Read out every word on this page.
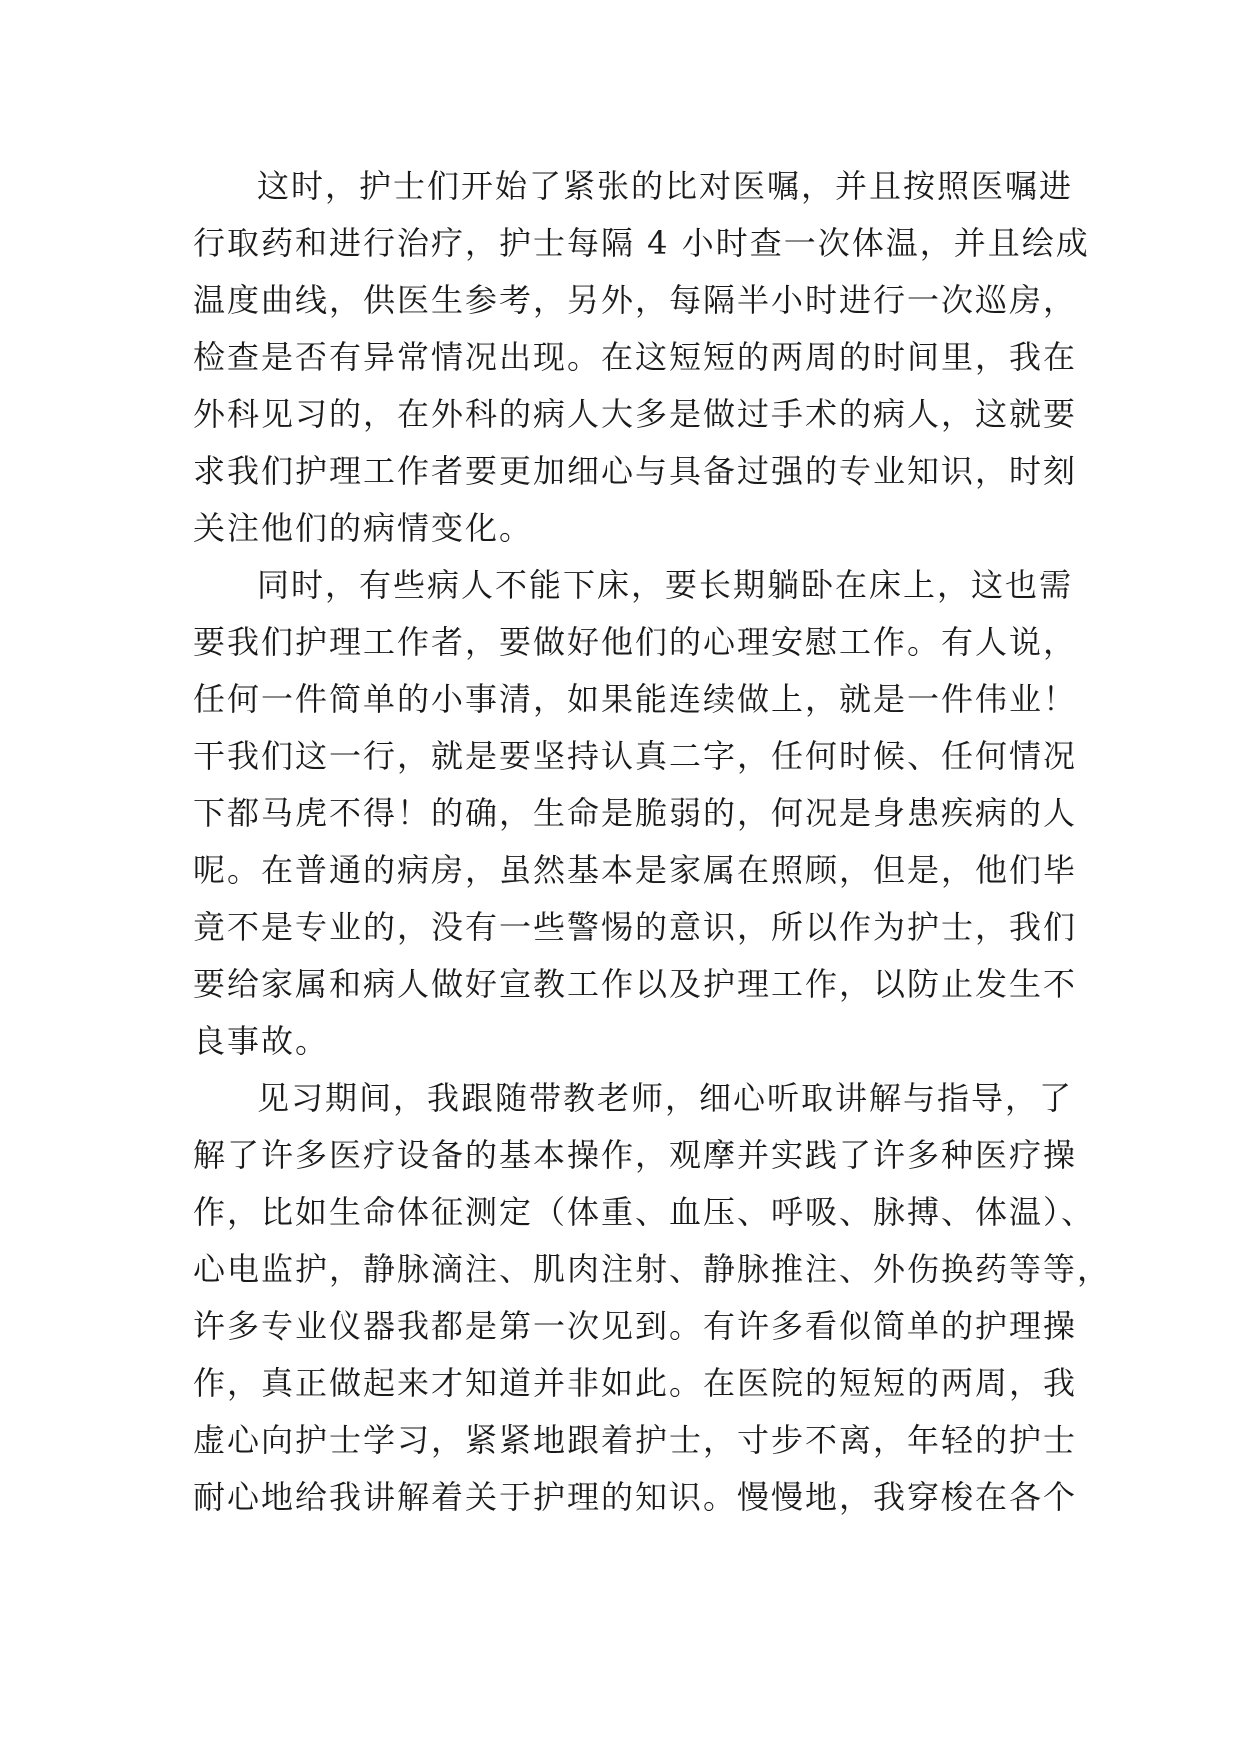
这时，护士们开始了紧张的比对医嘱，并且按照医嘱进
行取药和进行治疗，护士每隔 4 小时查一次体温，并且绘成
温度曲线，供医生参考，另外，每隔半小时进行一次巡房，
检查是否有异常情况出现。在这短短的两周的时间里，我在
外科见习的，在外科的病人大多是做过手术的病人，这就要
求我们护理工作者要更加细心与具备过强的专业知识，时刻
关注他们的病情变化。
同时，有些病人不能下床，要长期躺卧在床上，这也需
要我们护理工作者，要做好他们的心理安慰工作。有人说，
任何一件简单的小事清，如果能连续做上，就是一件伟业！
干我们这一行，就是要坚持认真二字，任何时候、任何情况
下都马虎不得！的确，生命是脆弱的，何况是身患疾病的人
呢。在普通的病房，虽然基本是家属在照顾，但是，他们毕
竟不是专业的，没有一些警惕的意识，所以作为护士，我们
要给家属和病人做好宣教工作以及护理工作，以防止发生不
良事故。
见习期间，我跟随带教老师，细心听取讲解与指导，了
解了许多医疗设备的基本操作，观摩并实践了许多种医疗操
作，比如生命体征测定（体重、血压、呼吸、脉搏、体温）、
心电监护，静脉滴注、肌肉注射、静脉推注、外伤换药等等，
许多专业仪器我都是第一次见到。有许多看似简单的护理操
作，真正做起来才知道并非如此。在医院的短短的两周，我
虚心向护士学习，紧紧地跟着护士，寸步不离，年轻的护士
耐心地给我讲解着关于护理的知识。慢慢地，我穿梭在各个
